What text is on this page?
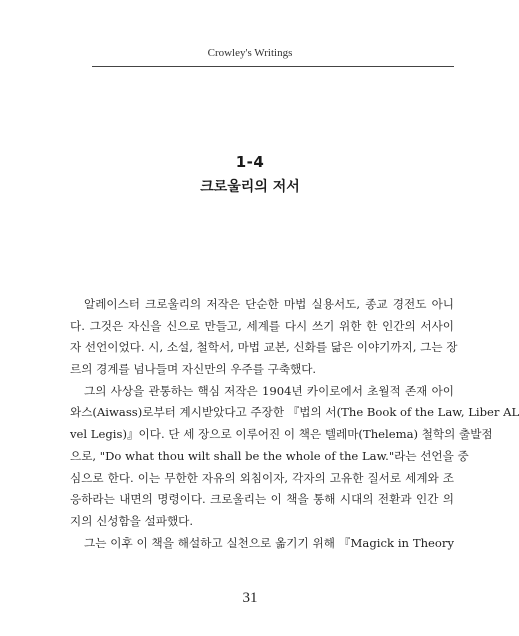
Crowley's Writings
1-4
크로울리의 저서
알레이스터 크로울리의 저작은 단순한 마법 실용서도, 종교 경전도 아니
다. 그것은 자신을 신으로 만들고, 세계를 다시 쓰기 위한 한 인간의 서사이
자 선언이었다. 시, 소설, 철학서, 마법 교본, 신화를 닮은 이야기까지, 그는 장
르의 경계를 넘나들며 자신만의 우주를 구축했다.
그의 사상을 관통하는 핵심 저작은 1904년 카이로에서 초월적 존재 아이
와스(Aiwass)로부터 계시받았다고 주장한 『법의 서(The Book of the Law, Liber AL
vel Legis)』이다. 단 세 장으로 이루어진 이 책은 텔레마(Thelema) 철학의 출발점
으로, "Do what thou wilt shall be the whole of the Law."라는 선언을 중
심으로 한다. 이는 무한한 자유의 외침이자, 각자의 고유한 질서로 세계와 조
응하라는 내면의 명령이다. 크로울리는 이 책을 통해 시대의 전환과 인간 의
지의 신성함을 설파했다.
그는 이후 이 책을 해설하고 실천으로 옮기기 위해 『Magick in Theory
31
